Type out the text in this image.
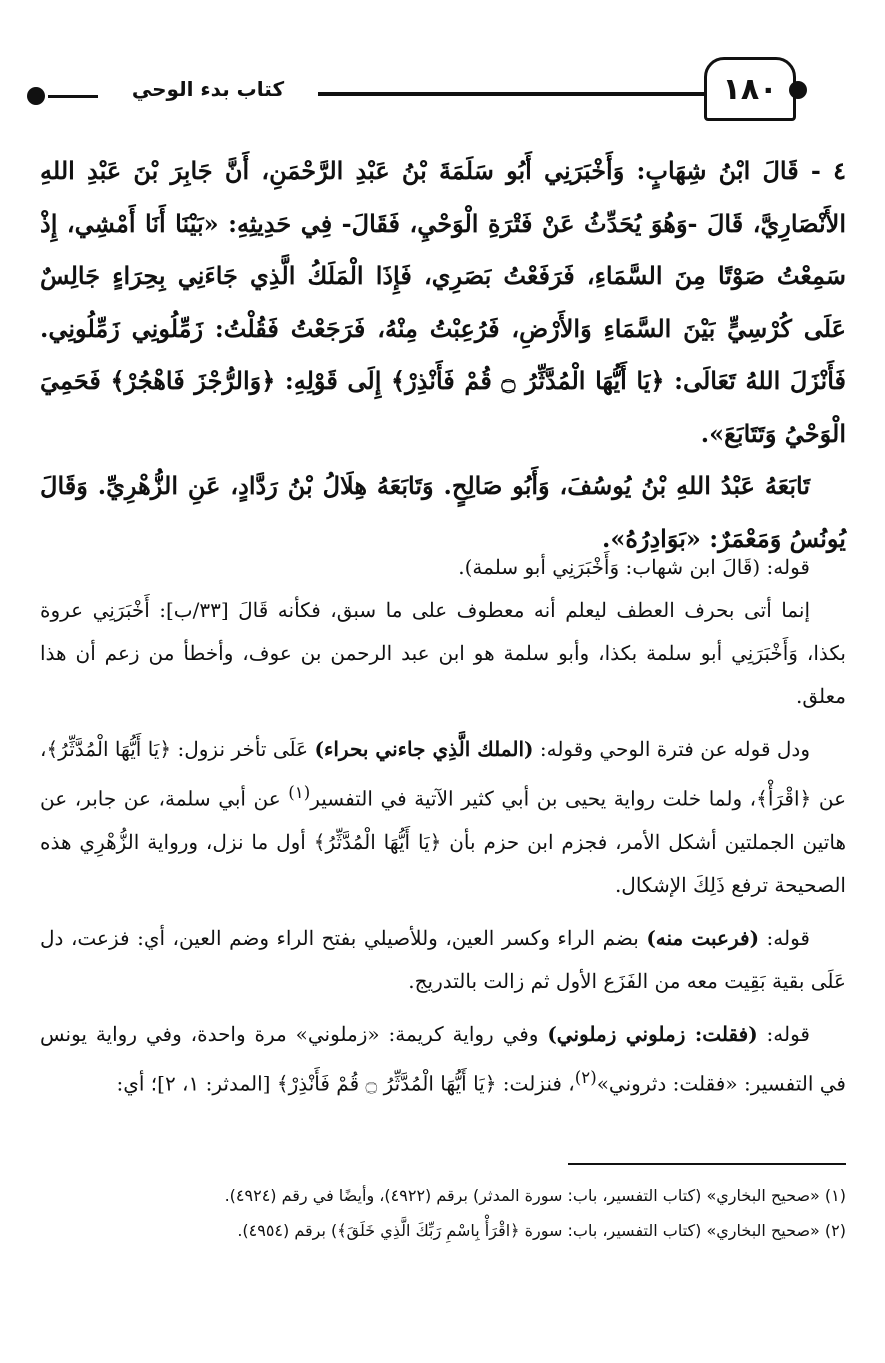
كتاب بدء الوحي	١٨٠

٤ - قَالَ ابْنُ شِهَابٍ: وَأَخْبَرَنِي أَبُو سَلَمَةَ بْنُ عَبْدِ الرَّحْمَنِ، أَنَّ جَابِرَ بْنَ عَبْدِ اللهِ الأَنْصَارِيَّ، قَالَ -وَهُوَ يُحَدِّثُ عَنْ فَتْرَةِ الْوَحْيِ، فَقَالَ- فِي حَدِيثِهِ: «بَيْنَا أَنَا أَمْشِي، إِذْ سَمِعْتُ صَوْتًا مِنَ السَّمَاءِ، فَرَفَعْتُ بَصَرِي، فَإِذَا الْمَلَكُ الَّذِي جَاءَنِي بِحِرَاءٍ جَالِسٌ عَلَى كُرْسِيٍّ بَيْنَ السَّمَاءِ وَالأَرْضِ، فَرُعِبْتُ مِنْهُ، فَرَجَعْتُ فَقُلْتُ: زَمِّلُونِي زَمِّلُونِي. فَأَنْزَلَ اللهُ تَعَالَى: ﴿يَا أَيُّهَا الْمُدَّثِّرُ ۝ قُمْ فَأَنْذِرْ﴾ إِلَى قَوْلِهِ: ﴿وَالرُّجْزَ فَاهْجُرْ﴾ فَحَمِيَ الْوَحْيُ وَتَتَابَعَ».

تَابَعَهُ عَبْدُ اللهِ بْنُ يُوسُفَ، وَأَبُو صَالِحٍ. وَتَابَعَهُ هِلَالُ بْنُ رَدَّادٍ، عَنِ الزُّهْرِيِّ. وَقَالَ يُونُسُ وَمَعْمَرٌ: «بَوَادِرُهُ».

قوله: (قَالَ ابن شهاب: وَأَخْبَرَنِي أبو سلمة).

إنما أتى بحرف العطف ليعلم أنه معطوف على ما سبق، فكأنه قَالَ [٣٣/ب]: أَخْبَرَنِي عروة بكذا، وَأَخْبَرَنِي أبو سلمة بكذا، وأبو سلمة هو ابن عبد الرحمن بن عوف، وأخطأ من زعم أن هذا معلق.

ودل قوله عن فترة الوحي وقوله: (الملك الَّذِي جاءني بحراء) عَلَى تأخر نزول: ﴿يَا أَيُّهَا الْمُدَّثِّرُ﴾، عن ﴿اقْرَأْ﴾، ولما خلت رواية يحيى بن أبي كثير الآتية في التفسير$^{(١)}$ عن أبي سلمة، عن جابر، عن هاتين الجملتين أشكل الأمر، فجزم ابن حزم بأن ﴿يَا أَيُّهَا الْمُدَّثِّرُ﴾ أول ما نزل، ورواية الزُّهْرِي هذه الصحيحة ترفع ذَلِكَ الإشكال.

قوله: (فرعبت منه) بضم الراء وكسر العين، وللأصيلي بفتح الراء وضم العين، أي: فزعت، دل عَلَى بقية بَقِيت معه من الفَزَع الأول ثم زالت بالتدريج.

قوله: (فقلت: زملوني زملوني) وفي رواية كريمة: «زملوني» مرة واحدة، وفي رواية يونس في التفسير: «فقلت: دثروني»$^{(٢)}$، فنزلت: ﴿يَا أَيُّهَا الْمُدَّثِّرُ ۝ قُمْ فَأَنْذِرْ﴾ [المدثر: ١، ٢]؛ أي:

(١) «صحيح البخاري» (كتاب التفسير، باب: سورة المدثر) برقم (٤٩٢٢)، وأيضًا في رقم (٤٩٢٤).

(٢) «صحيح البخاري» (كتاب التفسير، باب: سورة ﴿اقْرَأْ بِاسْمِ رَبِّكَ الَّذِي خَلَقَ﴾) برقم (٤٩٥٤).
